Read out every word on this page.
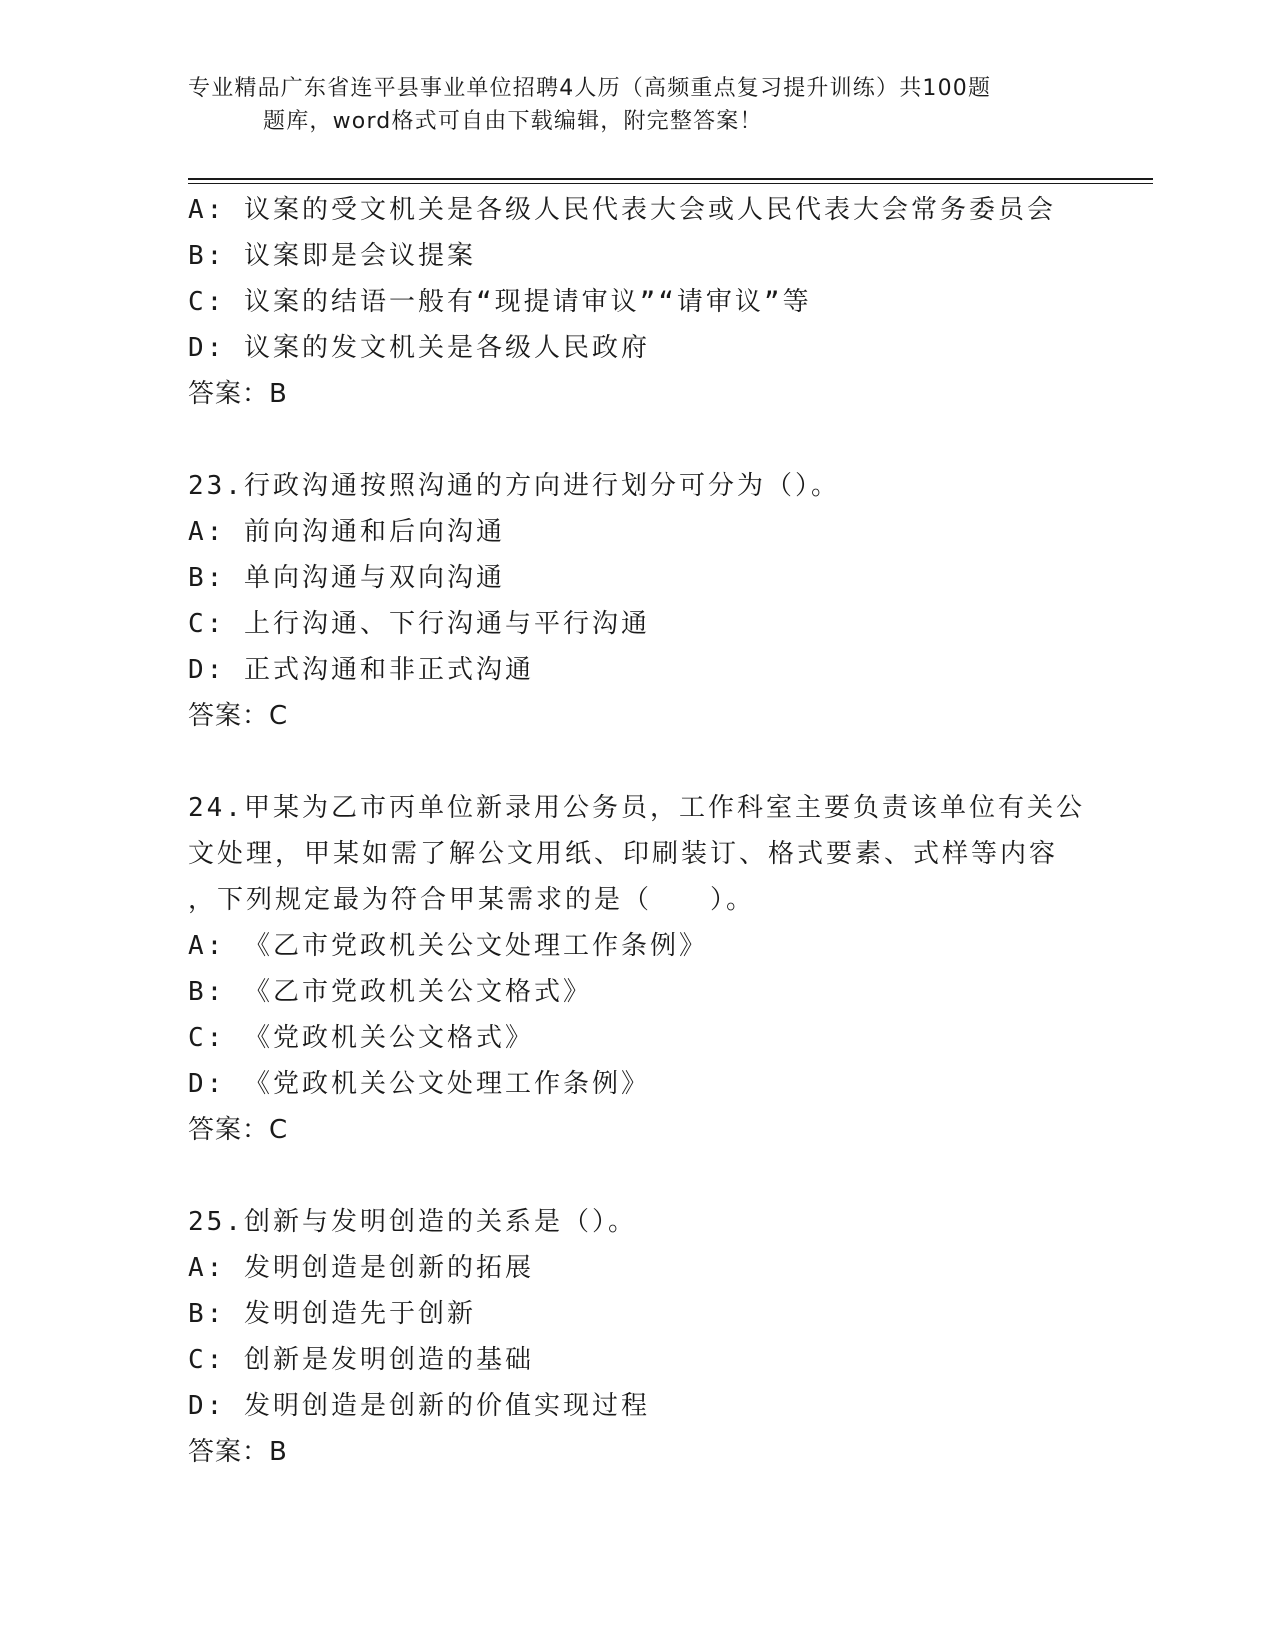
专业精品广东省连平县事业单位招聘4人历（高频重点复习提升训练）共100题
题库，word格式可自由下载编辑，附完整答案！
A: 议案的受文机关是各级人民代表大会或人民代表大会常务委员会
B: 议案即是会议提案
C: 议案的结语一般有“现提请审议”“请审议”等
D: 议案的发文机关是各级人民政府
答案：B
23.行政沟通按照沟通的方向进行划分可分为（）。
A: 前向沟通和后向沟通
B: 单向沟通与双向沟通
C: 上行沟通、下行沟通与平行沟通
D: 正式沟通和非正式沟通
答案：C
24.甲某为乙市丙单位新录用公务员，工作科室主要负责该单位有关公
文处理，甲某如需了解公文用纸、印刷装订、格式要素、式样等内容
，下列规定最为符合甲某需求的是（　　）。
A: 《乙市党政机关公文处理工作条例》
B: 《乙市党政机关公文格式》
C: 《党政机关公文格式》
D: 《党政机关公文处理工作条例》
答案：C
25.创新与发明创造的关系是（）。
A: 发明创造是创新的拓展
B: 发明创造先于创新
C: 创新是发明创造的基础
D: 发明创造是创新的价值实现过程
答案：B
